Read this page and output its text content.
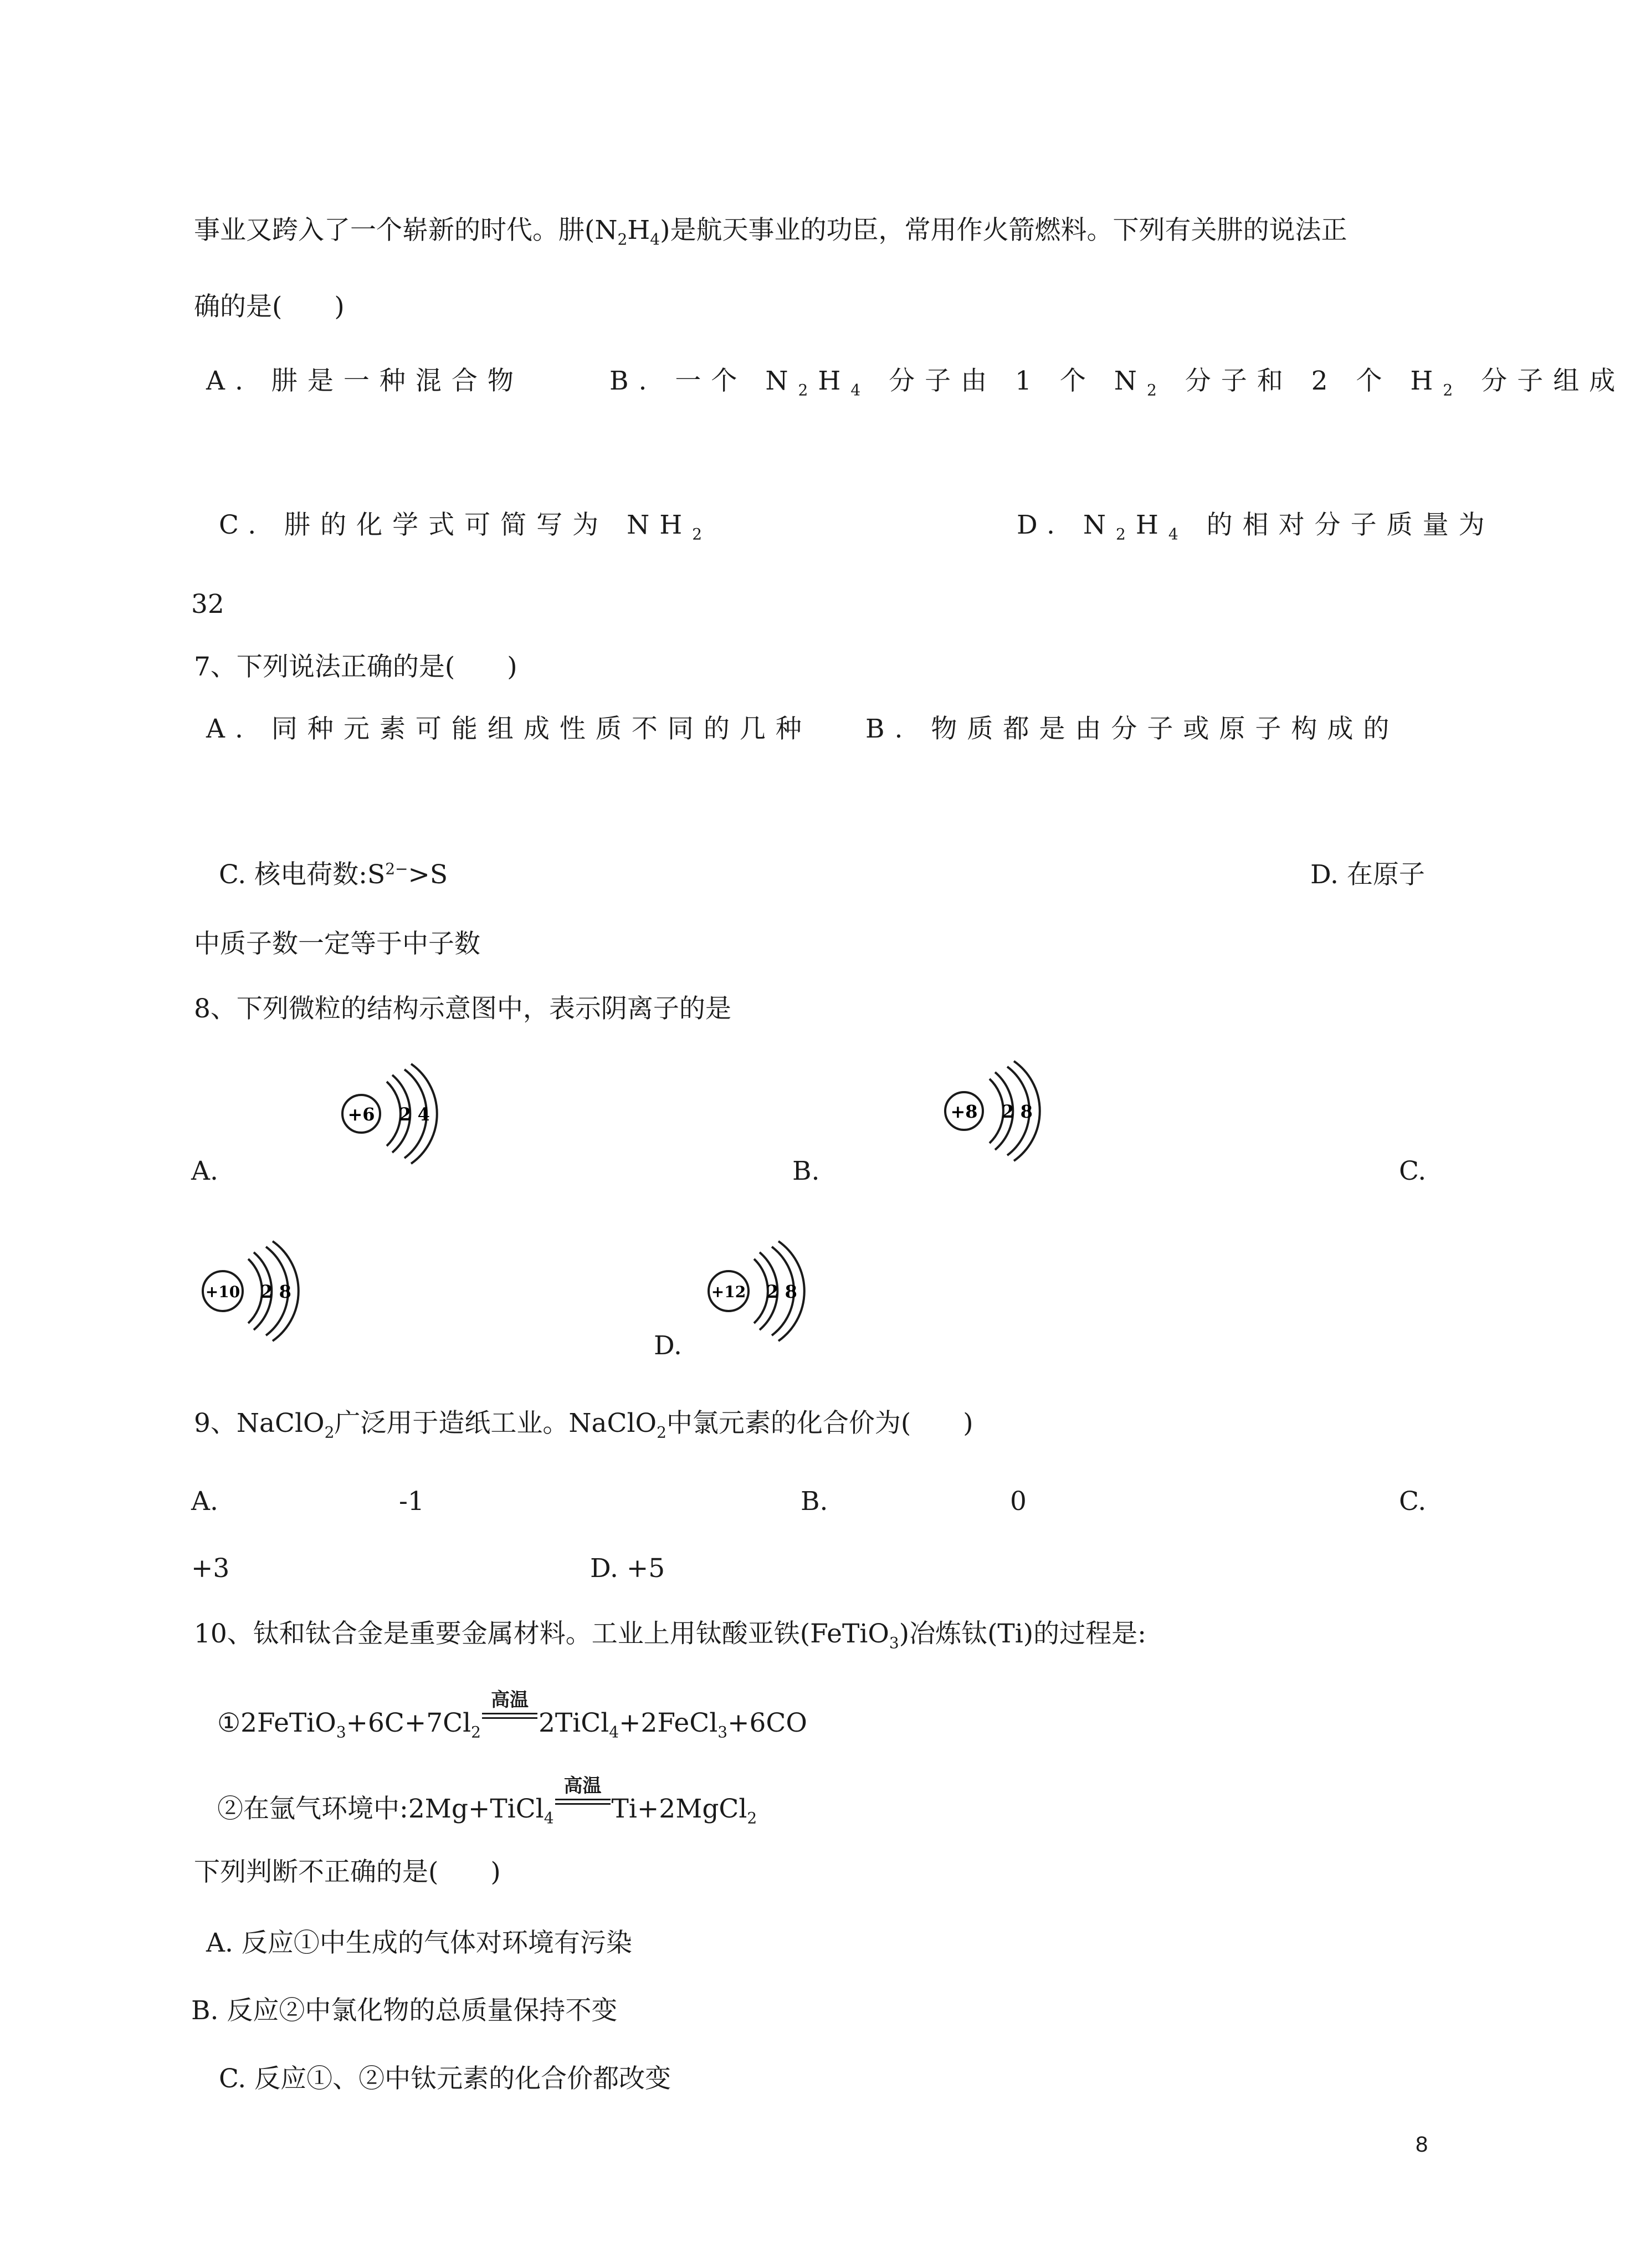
事业又跨入了一个崭新的时代。肼$(N_2H_4)$是航天事业的功臣，常用作火箭燃料。下列有关肼的说法正
确的是(　　)
A. 肼是一种混合物	B. 一个 $N_2H_4$ 分子由 1 个 $N_2$ 分子和 2 个 $H_2$ 分子组成
C. 肼的化学式可简写为 $NH_2$	D. $N_2H_4$ 的相对分子质量为
32
7、下列说法正确的是(　　)
A. 同种元素可能组成性质不同的几种 B. 物质都是由分子或原子构成的
C. 核电荷数$:S^{2-}>S$	D. 在原子
中质子数一定等于中子数
8、下列微粒的结构示意图中，表示阴离子的是
+6 2 4
A.
+8 2 8
B.	C.
+10 2 8	+12 2 8
D.
9、NaClO$_2$广泛用于造纸工业。NaClO$_2$中氯元素的化合价为(　　)
A.	-1	B.	0	C.
+3	D. +5
10、钛和钛合金是重要金属材料。工业上用钛酸亚铁(FeTiO$_3$)冶炼钛(Ti)的过程是:
$①2FeTiO_3+6C+7Cl_2$
高温
2TiCl$_4$+2FeCl$_3$+6CO
②在氩气环境中:2Mg+TiCl$_4$
高温
Ti+2MgCl$_2$
下列判断不正确的是(　　)
A. 反应①中生成的气体对环境有污染
B. 反应②中氯化物的总质量保持不变
C. 反应①、②中钛元素的化合价都改变
8
